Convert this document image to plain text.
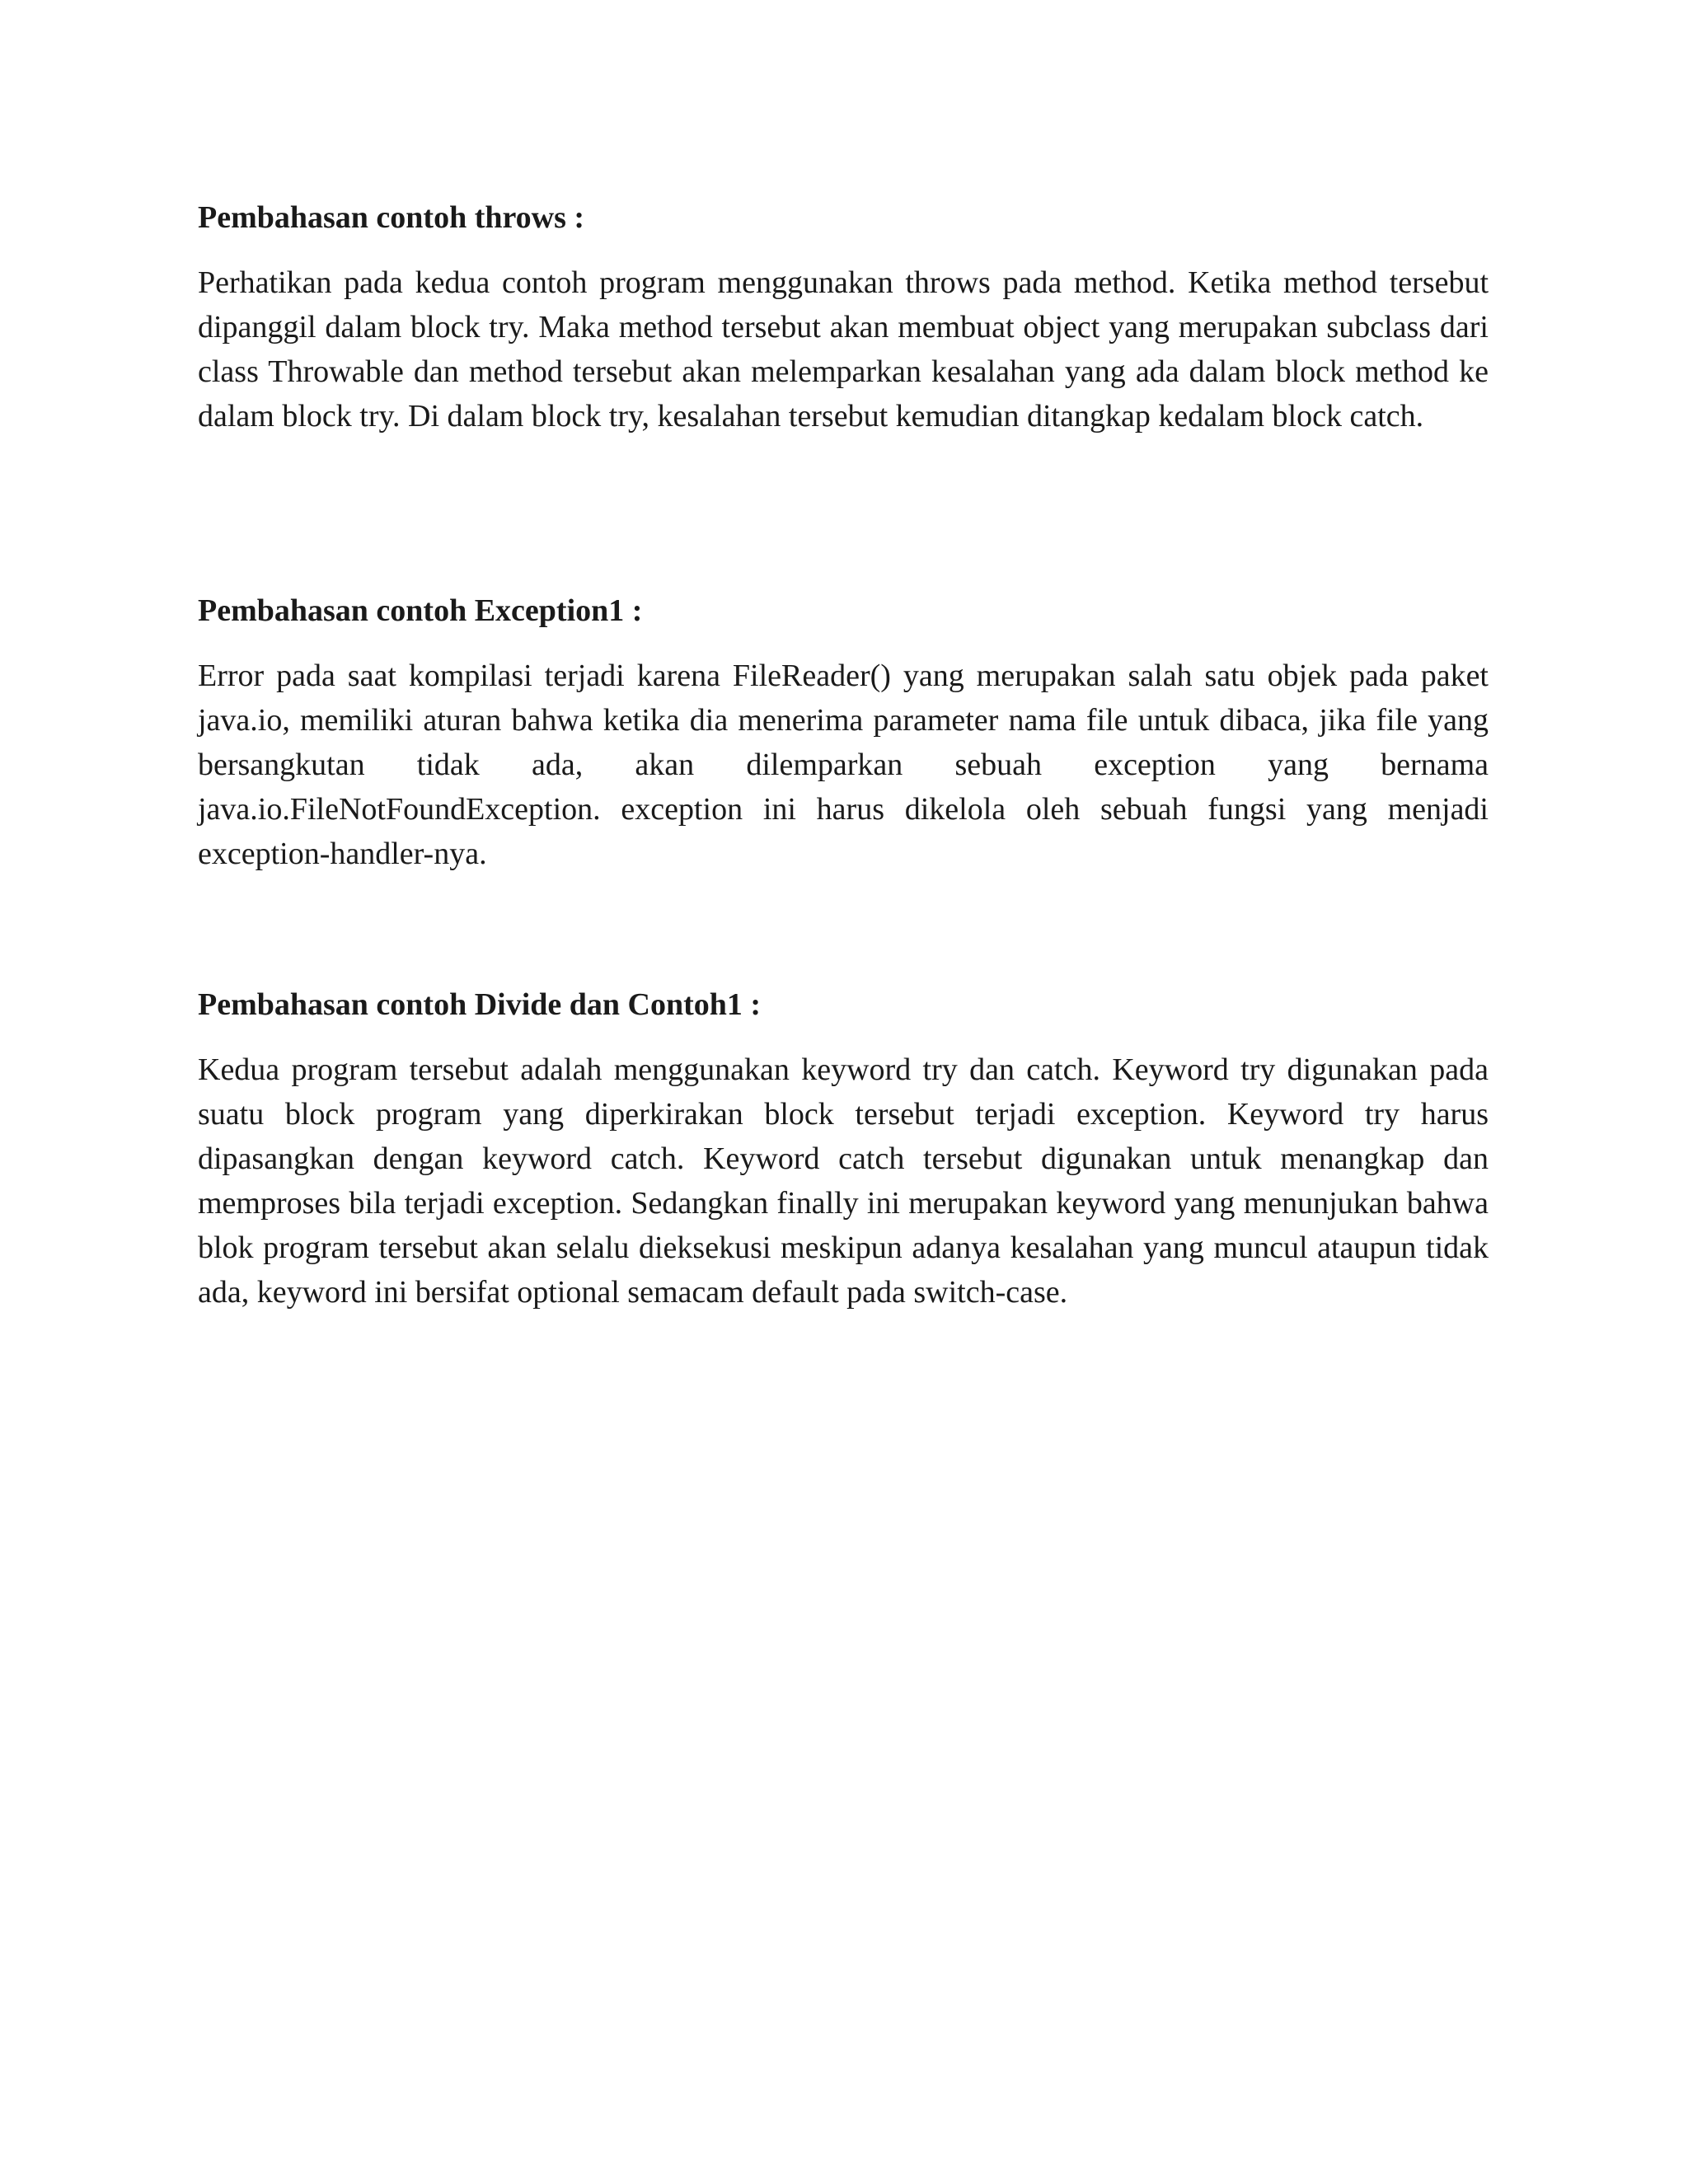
Pembahasan contoh throws :

Perhatikan pada kedua contoh program menggunakan throws pada method. Ketika method tersebut dipanggil dalam block try. Maka method tersebut akan membuat object yang merupakan subclass dari class Throwable dan method tersebut akan melemparkan kesalahan yang ada dalam block method ke dalam block try. Di dalam block try, kesalahan tersebut kemudian ditangkap kedalam block catch.

Pembahasan contoh Exception1 :

Error pada saat kompilasi terjadi karena FileReader() yang merupakan salah satu objek pada paket java.io, memiliki aturan bahwa ketika dia menerima parameter nama file untuk dibaca, jika file yang bersangkutan tidak ada, akan dilemparkan sebuah exception yang bernama java.io.FileNotFoundException. exception ini harus dikelola oleh sebuah fungsi yang menjadi exception-handler-nya.

Pembahasan contoh Divide dan Contoh1 :

Kedua program tersebut adalah menggunakan keyword try dan catch. Keyword try digunakan pada suatu block program yang diperkirakan block tersebut terjadi exception. Keyword try harus dipasangkan dengan keyword catch. Keyword catch tersebut digunakan untuk menangkap dan memproses bila terjadi exception. Sedangkan finally ini merupakan keyword yang menunjukan bahwa blok program tersebut akan selalu dieksekusi meskipun adanya kesalahan yang muncul ataupun tidak ada, keyword ini bersifat optional semacam default pada switch-case.
